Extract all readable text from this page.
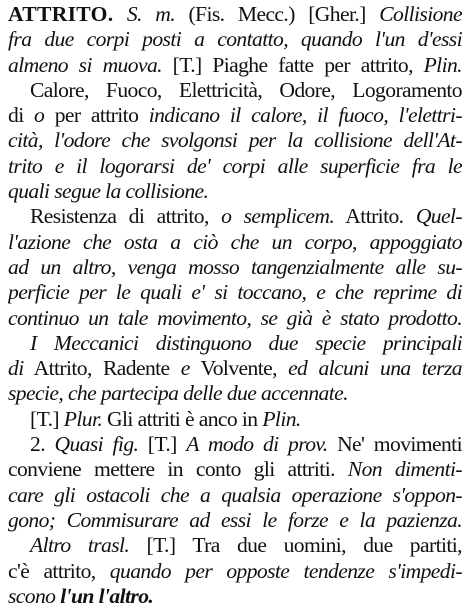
ATTRITO. S. m. (Fis. Mecc.) [Gher.] Collisione
fra due corpi posti a contatto, quando l'un d'essi
almeno si muova. [T.] Piaghe fatte per attrito, Plin.
Calore, Fuoco, Elettricità, Odore, Logoramento
di o per attrito indicano il calore, il fuoco, l'elettri-
cità, l'odore che svolgonsi per la collisione dell'At-
trito e il logorarsi de' corpi alle superficie fra le
quali segue la collisione.
Resistenza di attrito, o semplicem. Attrito. Quel-
l'azione che osta a ciò che un corpo, appoggiato
ad un altro, venga mosso tangenzialmente alle su-
perficie per le quali e' si toccano, e che reprime di
continuo un tale movimento, se già è stato prodotto.
I Meccanici distinguono due specie principali
di Attrito, Radente e Volvente, ed alcuni una terza
specie, che partecipa delle due accennate.
[T.] Plur. Gli attriti è anco in Plin.
2. Quasi fig. [T.] A modo di prov. Ne' movimenti
conviene mettere in conto gli attriti. Non dimenti-
care gli ostacoli che a qualsia operazione s'oppon-
gono; Commisurare ad essi le forze e la pazienza.
Altro trasl. [T.] Tra due uomini, due partiti,
c'è attrito, quando per opposte tendenze s'impedi-
scono l'un l'altro.
